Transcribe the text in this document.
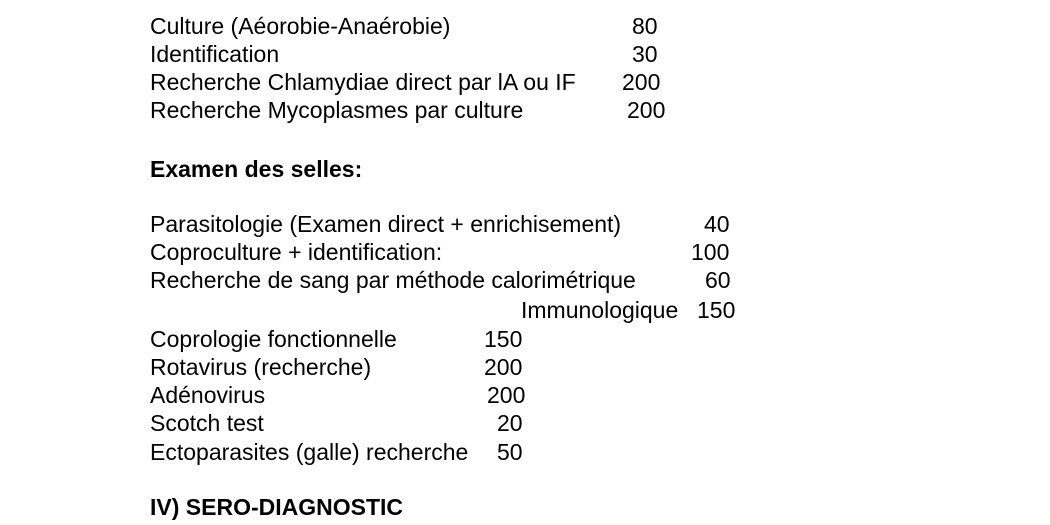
Culture (Aéorobie-Anaérobie)	80
Identification	30
Recherche Chlamydiae direct par lA ou IF 200
Recherche Mycoplasmes par culture	200
Examen des selles:
Parasitologie (Examen direct + enrichisement)	40
Coproculture + identification:	100
Recherche de sang par méthode calorimétrique	60
Immunologique 150
Coprologie fonctionnelle	150
Rotavirus (recherche)	200
Adénovirus	200
Scotch test	20
Ectoparasites (galle) recherche 50
IV) SERO-DIAGNOSTIC
